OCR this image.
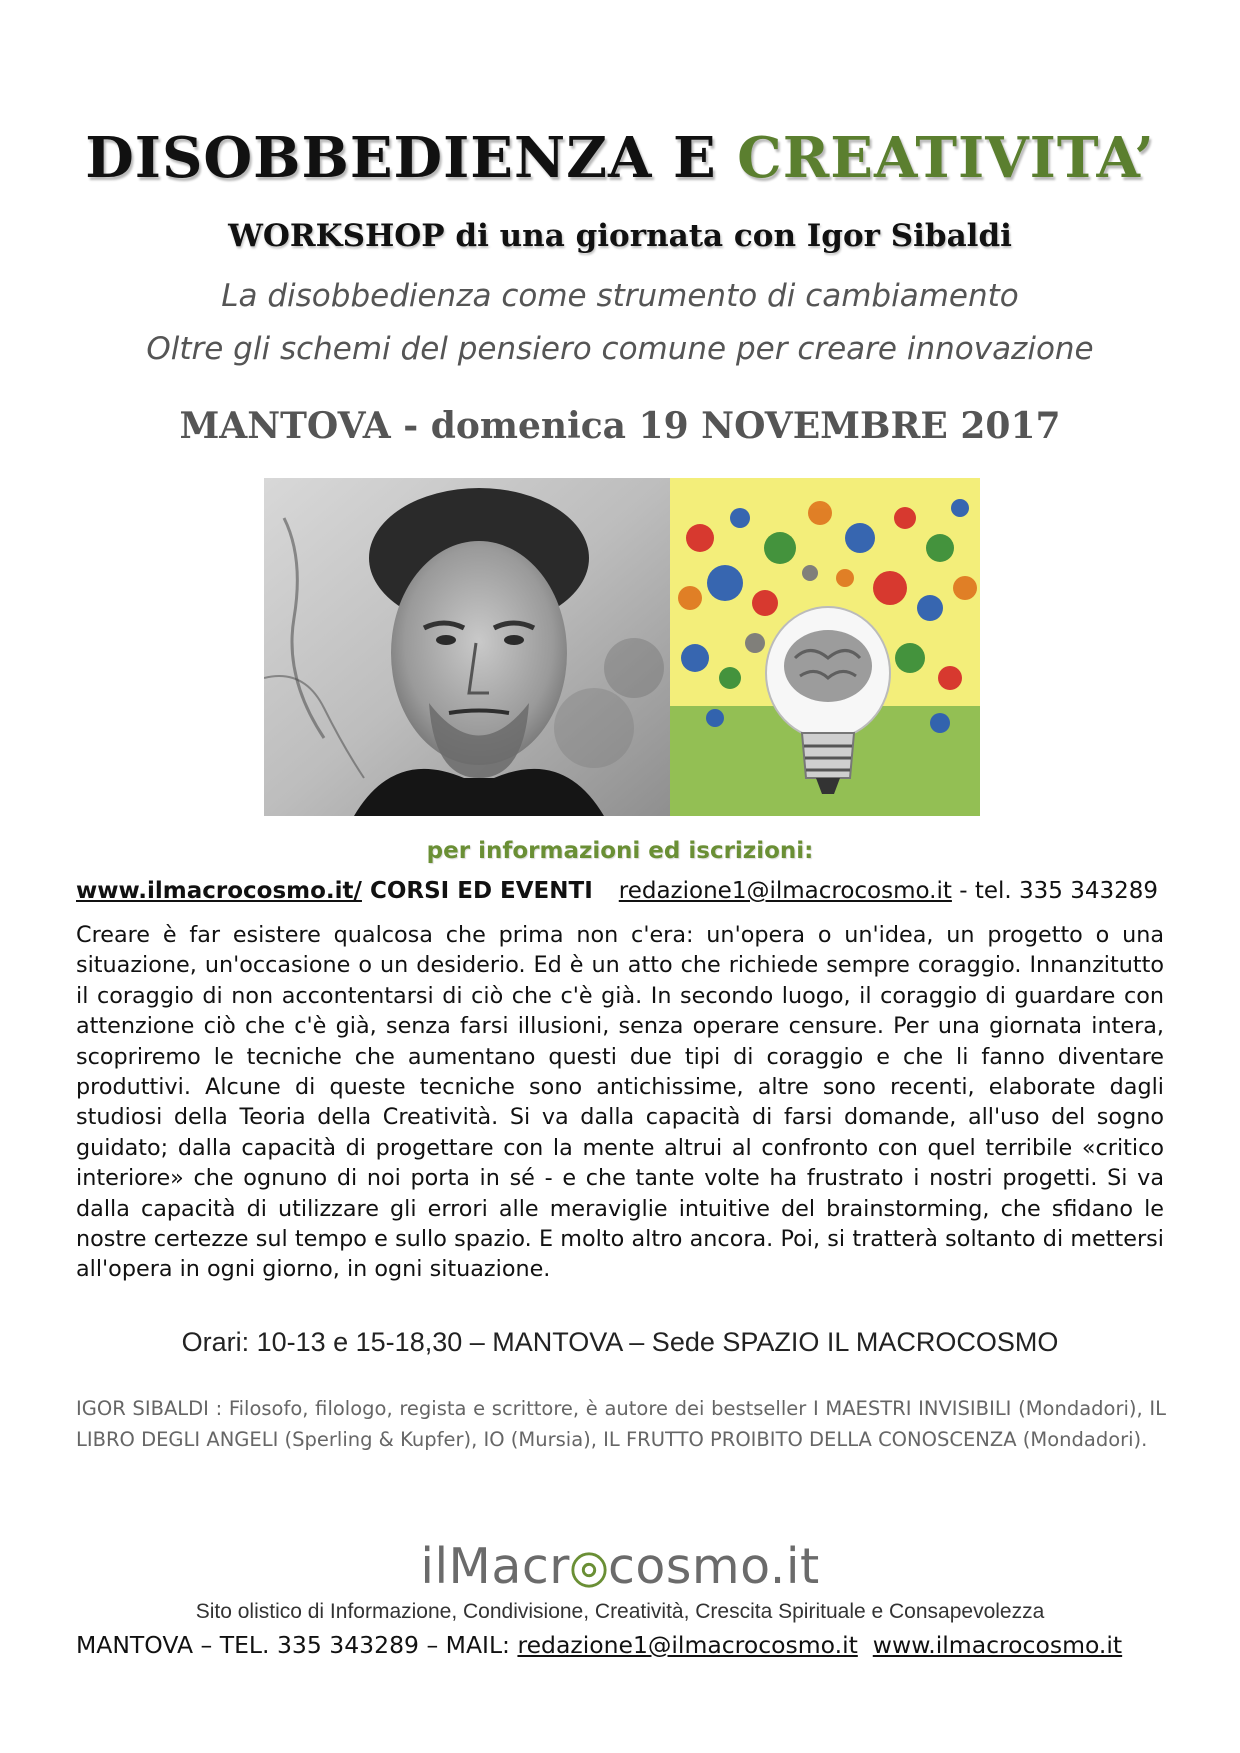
DISOBBEDIENZA E CREATIVITA’
WORKSHOP di una giornata con Igor Sibaldi
La disobbedienza come strumento di cambiamento
Oltre gli schemi del pensiero comune per creare innovazione
MANTOVA - domenica 19 NOVEMBRE 2017
per informazioni ed iscrizioni:
www.ilmacrocosmo.it/ CORSI ED EVENTI redazione1@ilmacrocosmo.it - tel. 335 343289

Creare è far esistere qualcosa che prima non c'era: un'opera o un'idea, un progetto o una situazione, un'occasione o un desiderio. Ed è un atto che richiede sempre coraggio. Innanzitutto il coraggio di non accontentarsi di ciò che c'è già. In secondo luogo, il coraggio di guardare con attenzione ciò che c'è già, senza farsi illusioni, senza operare censure. Per una giornata intera, scopriremo le tecniche che aumentano questi due tipi di coraggio e che li fanno diventare produttivi. Alcune di queste tecniche sono antichissime, altre sono recenti, elaborate dagli studiosi della Teoria della Creatività. Si va dalla capacità di farsi domande, all'uso del sogno guidato; dalla capacità di progettare con la mente altrui al confronto con quel terribile «critico interiore» che ognuno di noi porta in sé - e che tante volte ha frustrato i nostri progetti. Si va dalla capacità di utilizzare gli errori alle meraviglie intuitive del brainstorming, che sfidano le nostre certezze sul tempo e sullo spazio. E molto altro ancora. Poi, si tratterà soltanto di mettersi all'opera in ogni giorno, in ogni situazione.

Orari: 10-13 e 15-18,30 – MANTOVA – Sede SPAZIO IL MACROCOSMO

IGOR SIBALDI : Filosofo, filologo, regista e scrittore, è autore dei bestseller I MAESTRI INVISIBILI (Mondadori), IL LIBRO DEGLI ANGELI (Sperling & Kupfer), IO (Mursia), IL FRUTTO PROIBITO DELLA CONOSCENZA (Mondadori).

ilMacr cosmo.it
Sito olistico di Informazione, Condivisione, Creatività, Crescita Spirituale e Consapevolezza
MANTOVA – TEL. 335 343289 – MAIL: redazione1@ilmacrocosmo.it www.ilmacrocosmo.it
